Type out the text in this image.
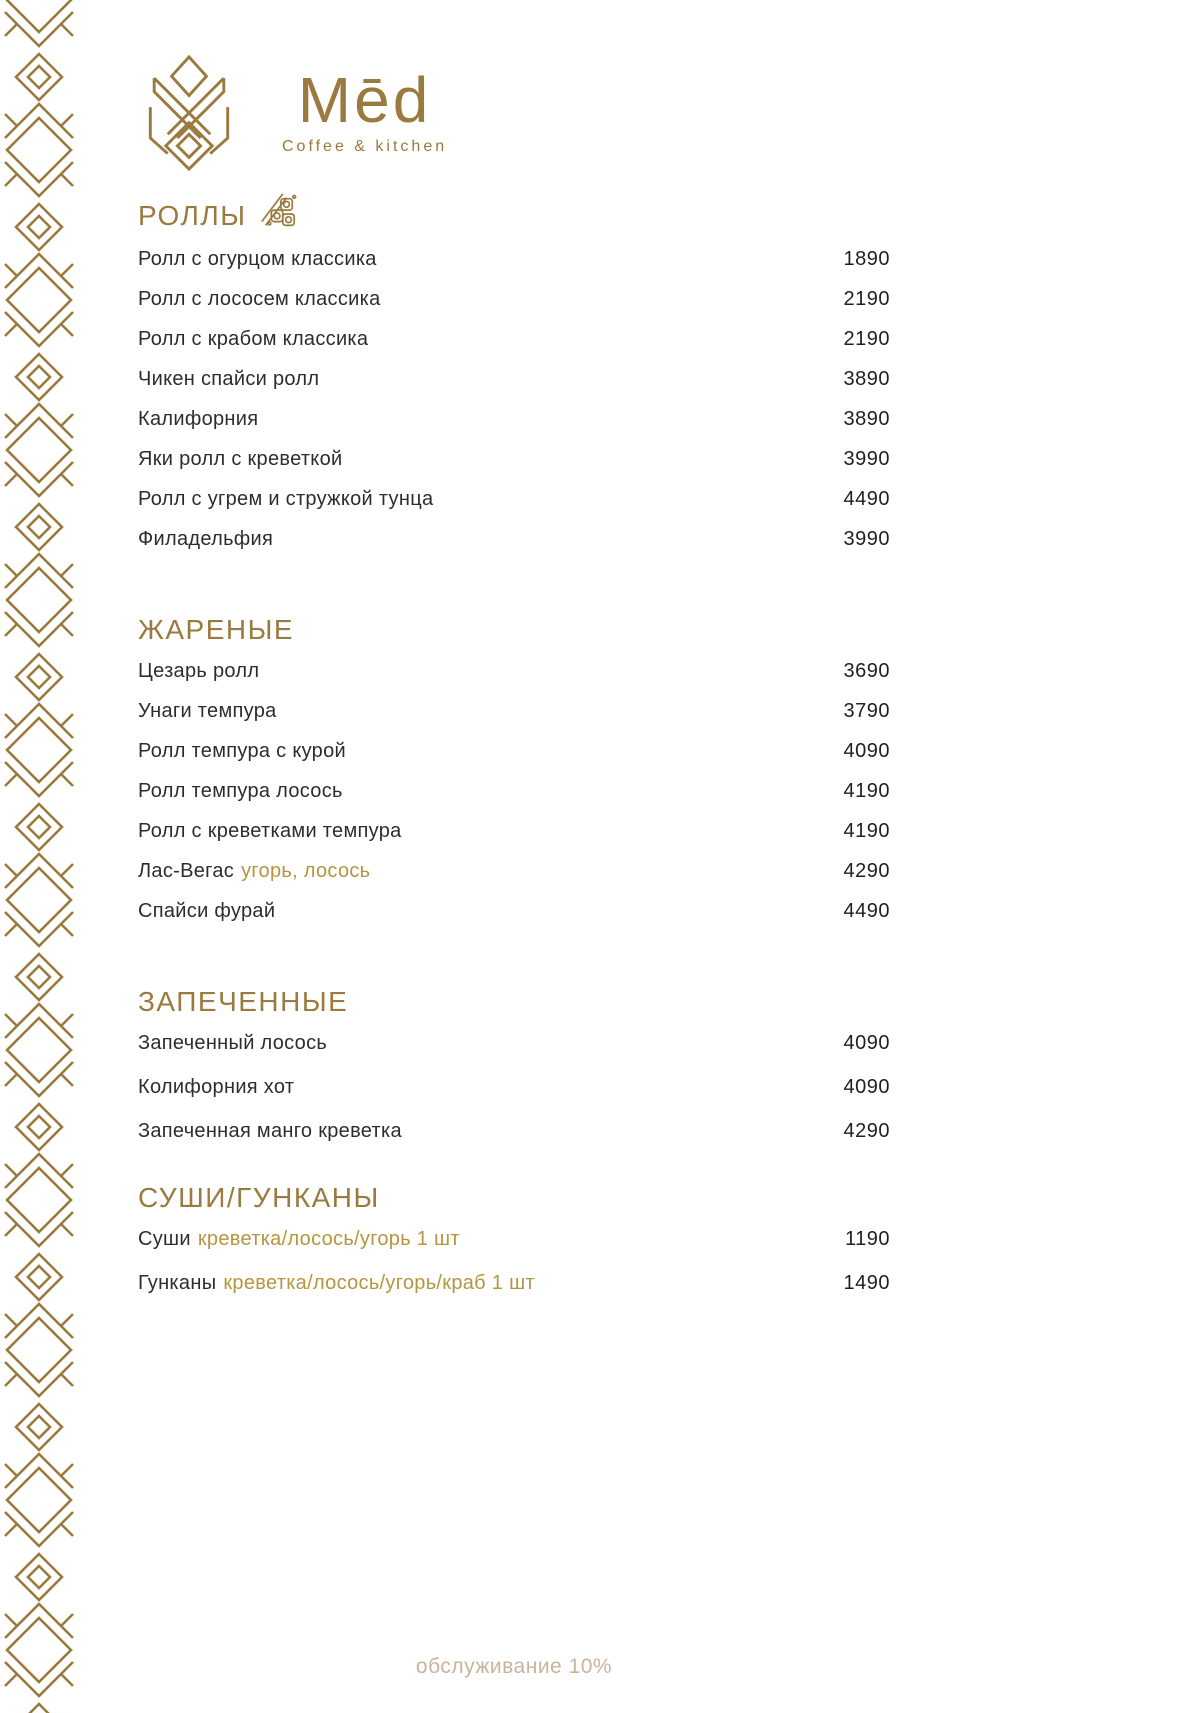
Mēd
Coffee & kitchen
РОЛЛЫ
Ролл с огурцом классика	1890
Ролл с лососем классика	2190
Ролл с крабом классика	2190
Чикен спайси ролл	3890
Калифорния	3890
Яки ролл с креветкой	3990
Ролл с угрем и стружкой тунца	4490
Филадельфия	3990
ЖАРЕНЫЕ
Цезарь ролл	3690
Унаги темпура	3790
Ролл темпура с курой	4090
Ролл темпура лосось	4190
Ролл с креветками темпура	4190
Лас-Вегас угорь, лосось	4290
Спайси фурай	4490
ЗАПЕЧЕННЫЕ
Запеченный лосось	4090
Колифорния хот	4090
Запеченная манго креветка	4290
СУШИ/ГУНКАНЫ
Суши креветка/лосось/угорь 1 шт	1190
Гунканы креветка/лосось/угорь/краб 1 шт	1490
обслуживание 10%
